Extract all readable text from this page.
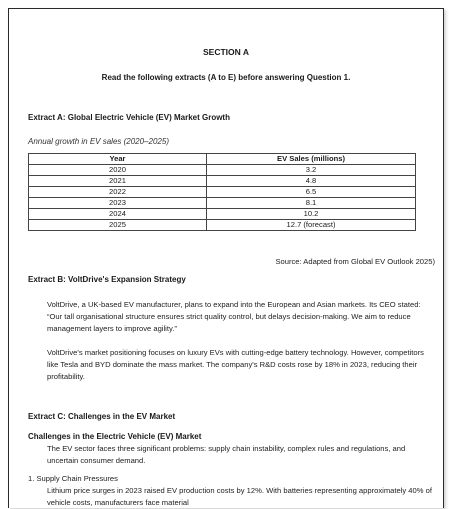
SECTION A
Read the following extracts (A to E) before answering Question 1.
Extract A: Global Electric Vehicle (EV) Market Growth
Annual growth in EV sales (2020–2025)
Year	EV Sales (millions)
2020	3.2
2021	4.8
2022	6.5
2023	8.1
2024	10.2
2025	12.7 (forecast)
Source: Adapted from Global EV Outlook 2025)
Extract B: VoltDrive's Expansion Strategy
VoltDrive, a UK-based EV manufacturer, plans to expand into the European and Asian markets. Its CEO stated: “Our tall organisational structure ensures strict quality control, but delays decision-making. We aim to reduce management layers to improve agility.”
VoltDrive's market positioning focuses on luxury EVs with cutting-edge battery technology. However, competitors like Tesla and BYD dominate the mass market. The company's R&D costs rose by 18% in 2023, reducing their profitability.
Extract C: Challenges in the EV Market
Challenges in the Electric Vehicle (EV) Market
The EV sector faces three significant problems: supply chain instability, complex rules and regulations, and uncertain consumer demand.
1. Supply Chain Pressures
Lithium price surges in 2023 raised EV production costs by 12%. With batteries representing approximately 40% of vehicle costs, manufacturers face material
